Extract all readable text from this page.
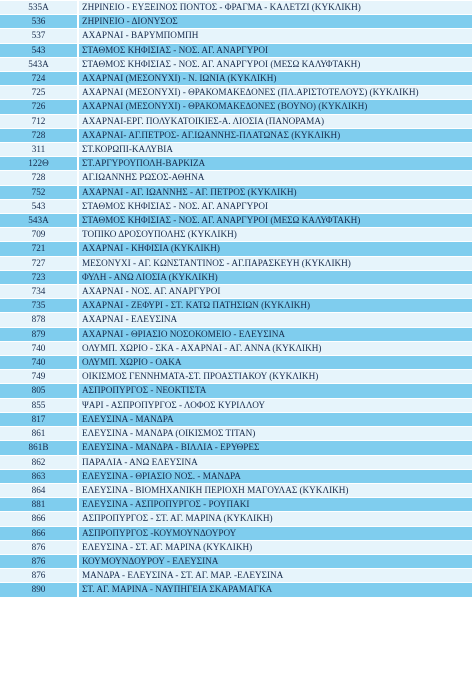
535A	ΖΗΡΙΝΕΙΟ - ΕΥΞΕΙΝΟΣ ΠΟΝΤΟΣ - ΦΡΑΓΜΑ - ΚΑΛΕΤΖΙ (ΚΥΚΛΙΚΗ)
536	ΖΗΡΙΝΕΙΟ - ΔΙΟΝΥΣΟΣ
537	ΑΧΑΡΝΑΙ - ΒΑΡΥΜΠΟΜΠΗ
543	ΣΤΑΘΜΟΣ ΚΗΦΙΣΙΑΣ - ΝΟΣ. ΑΓ. ΑΝΑΡΓΥΡΟΙ
543A	ΣΤΑΘΜΟΣ ΚΗΦΙΣΙΑΣ - ΝΟΣ. ΑΓ. ΑΝΑΡΓΥΡΟΙ (ΜΕΣΩ ΚΑΛΥΦΤΑΚΗ)
724	ΑΧΑΡΝΑΙ (ΜΕΣΟΝΥΧΙ) - Ν. ΙΩΝΙΑ (ΚΥΚΛΙΚΗ)
725	ΑΧΑΡΝΑΙ (ΜΕΣΟΝΥΧΙ) - ΘΡΑΚΟΜΑΚΕΔΟΝΕΣ (ΠΛ.ΑΡΙΣΤΟΤΕΛΟΥΣ) (ΚΥΚΛΙΚΗ)
726	ΑΧΑΡΝΑΙ (ΜΕΣΟΝΥΧΙ) - ΘΡΑΚΟΜΑΚΕΔΟΝΕΣ (ΒΟΥΝΟ) (ΚΥΚΛΙΚΗ)
712	ΑΧΑΡΝΑΙ-ΕΡΓ. ΠΟΛΥΚΑΤΟΙΚΙΕΣ-Α. ΛΙΟΣΙΑ (ΠΑΝΟΡΑΜΑ)
728	ΑΧΑΡΝΑΙ- ΑΓ.ΠΕΤΡΟΣ- ΑΓ.ΙΩΑΝΝΗΣ-ΠΛΑΤΩΝΑΣ (ΚΥΚΛΙΚΗ)
311	ΣΤ.ΚΟΡΩΠΙ-ΚΑΛΥΒΙΑ
122Θ	ΣΤ.ΑΡΓΥΡΟΥΠΟΛΗ-ΒΑΡΚΙΖΑ
728	ΑΓ.ΙΩΑΝΝΗΣ ΡΩΣΟΣ-ΑΘΗΝΑ
752	ΑΧΑΡΝΑΙ - ΑΓ. ΙΩΑΝΝΗΣ - ΑΓ. ΠΕΤΡΟΣ (ΚΥΚΛΙΚΗ)
543	ΣΤΑΘΜΟΣ ΚΗΦΙΣΙΑΣ - ΝΟΣ. ΑΓ. ΑΝΑΡΓΥΡΟΙ
543A	ΣΤΑΘΜΟΣ ΚΗΦΙΣΙΑΣ - ΝΟΣ. ΑΓ. ΑΝΑΡΓΥΡΟΙ (ΜΕΣΩ ΚΑΛΥΦΤΑΚΗ)
709	ΤΟΠΙΚΟ ΔΡΟΣΟΥΠΟΛΗΣ (ΚΥΚΛΙΚΗ)
721	ΑΧΑΡΝΑΙ - ΚΗΦΙΣΙΑ (ΚΥΚΛΙΚΗ)
727	ΜΕΣΟΝΥΧΙ - ΑΓ. ΚΩΝΣΤΑΝΤΙΝΟΣ - ΑΓ.ΠΑΡΑΣΚΕΥΗ (ΚΥΚΛΙΚΗ)
723	ΦΥΛΗ - ΑΝΩ ΛΙΟΣΙΑ (ΚΥΚΛΙΚΗ)
734	ΑΧΑΡΝΑΙ - ΝΟΣ. ΑΓ. ΑΝΑΡΓΥΡΟΙ
735	ΑΧΑΡΝΑΙ - ΖΕΦΥΡΙ - ΣΤ. ΚΑΤΩ ΠΑΤΗΣΙΩΝ (ΚΥΚΛΙΚΗ)
878	ΑΧΑΡΝΑΙ - ΕΛΕΥΣΙΝΑ
879	ΑΧΑΡΝΑΙ - ΘΡΙΑΣΙΟ ΝΟΣΟΚΟΜΕΙΟ - ΕΛΕΥΣΙΝΑ
740	ΟΛΥΜΠ. ΧΩΡΙΟ - ΣΚΑ - ΑΧΑΡΝΑΙ - ΑΓ. ΑΝΝΑ (ΚΥΚΛΙΚΗ)
740	ΟΛΥΜΠ. ΧΩΡΙΟ - ΟΑΚΑ
749	ΟΙΚΙΣΜΟΣ ΓΕΝΝΗΜΑΤΑ-ΣΤ. ΠΡΟΑΣΤΙΑΚΟΥ (ΚΥΚΛΙΚΗ)
805	ΑΣΠΡΟΠΥΡΓΟΣ - ΝΕΟΚΤΙΣΤΑ
855	ΨΑΡΙ - ΑΣΠΡΟΠΥΡΓΟΣ - ΛΟΦΟΣ ΚΥΡΙΛΛΟΥ
817	ΕΛΕΥΣΙΝΑ - ΜΑΝΔΡΑ
861	ΕΛΕΥΣΙΝΑ - ΜΑΝΔΡΑ (ΟΙΚΙΣΜΟΣ ΤΙΤΑΝ)
861B	ΕΛΕΥΣΙΝΑ - ΜΑΝΔΡΑ - ΒΙΛΛΙΑ - ΕΡΥΘΡΕΣ
862	ΠΑΡΑΛΙΑ - ΑΝΩ ΕΛΕΥΣΙΝΑ
863	ΕΛΕΥΣΙΝΑ - ΘΡΙΑΣΙΟ ΝΟΣ. - ΜΑΝΔΡΑ
864	ΕΛΕΥΣΙΝΑ - ΒΙΟΜΗΧΑΝΙΚΗ ΠΕΡΙΟΧΗ ΜΑΓΟΥΛΑΣ (ΚΥΚΛΙΚΗ)
881	ΕΛΕΥΣΙΝΑ - ΑΣΠΡΟΠΥΡΓΟΣ - ΡΟΥΠΑΚΙ
866	ΑΣΠΡΟΠΥΡΓΟΣ - ΣΤ. ΑΓ. ΜΑΡΙΝΑ (ΚΥΚΛΙΚΗ)
866	ΑΣΠΡΟΠΥΡΓΟΣ -ΚΟΥΜΟΥΝΔΟΥΡΟΥ
876	ΕΛΕΥΣΙΝΑ - ΣΤ. ΑΓ. ΜΑΡΙΝΑ (ΚΥΚΛΙΚΗ)
876	ΚΟΥΜΟΥΝΔΟΥΡΟΥ - ΕΛΕΥΣΙΝΑ
876	ΜΑΝΔΡΑ - ΕΛΕΥΣΙΝΑ - ΣΤ. ΑΓ. ΜΑΡ. -ΕΛΕΥΣΙΝΑ
890	ΣΤ. ΑΓ. ΜΑΡΙΝΑ - ΝΑΥΠΗΓΕΙΑ ΣΚΑΡΑΜΑΓΚΑ
